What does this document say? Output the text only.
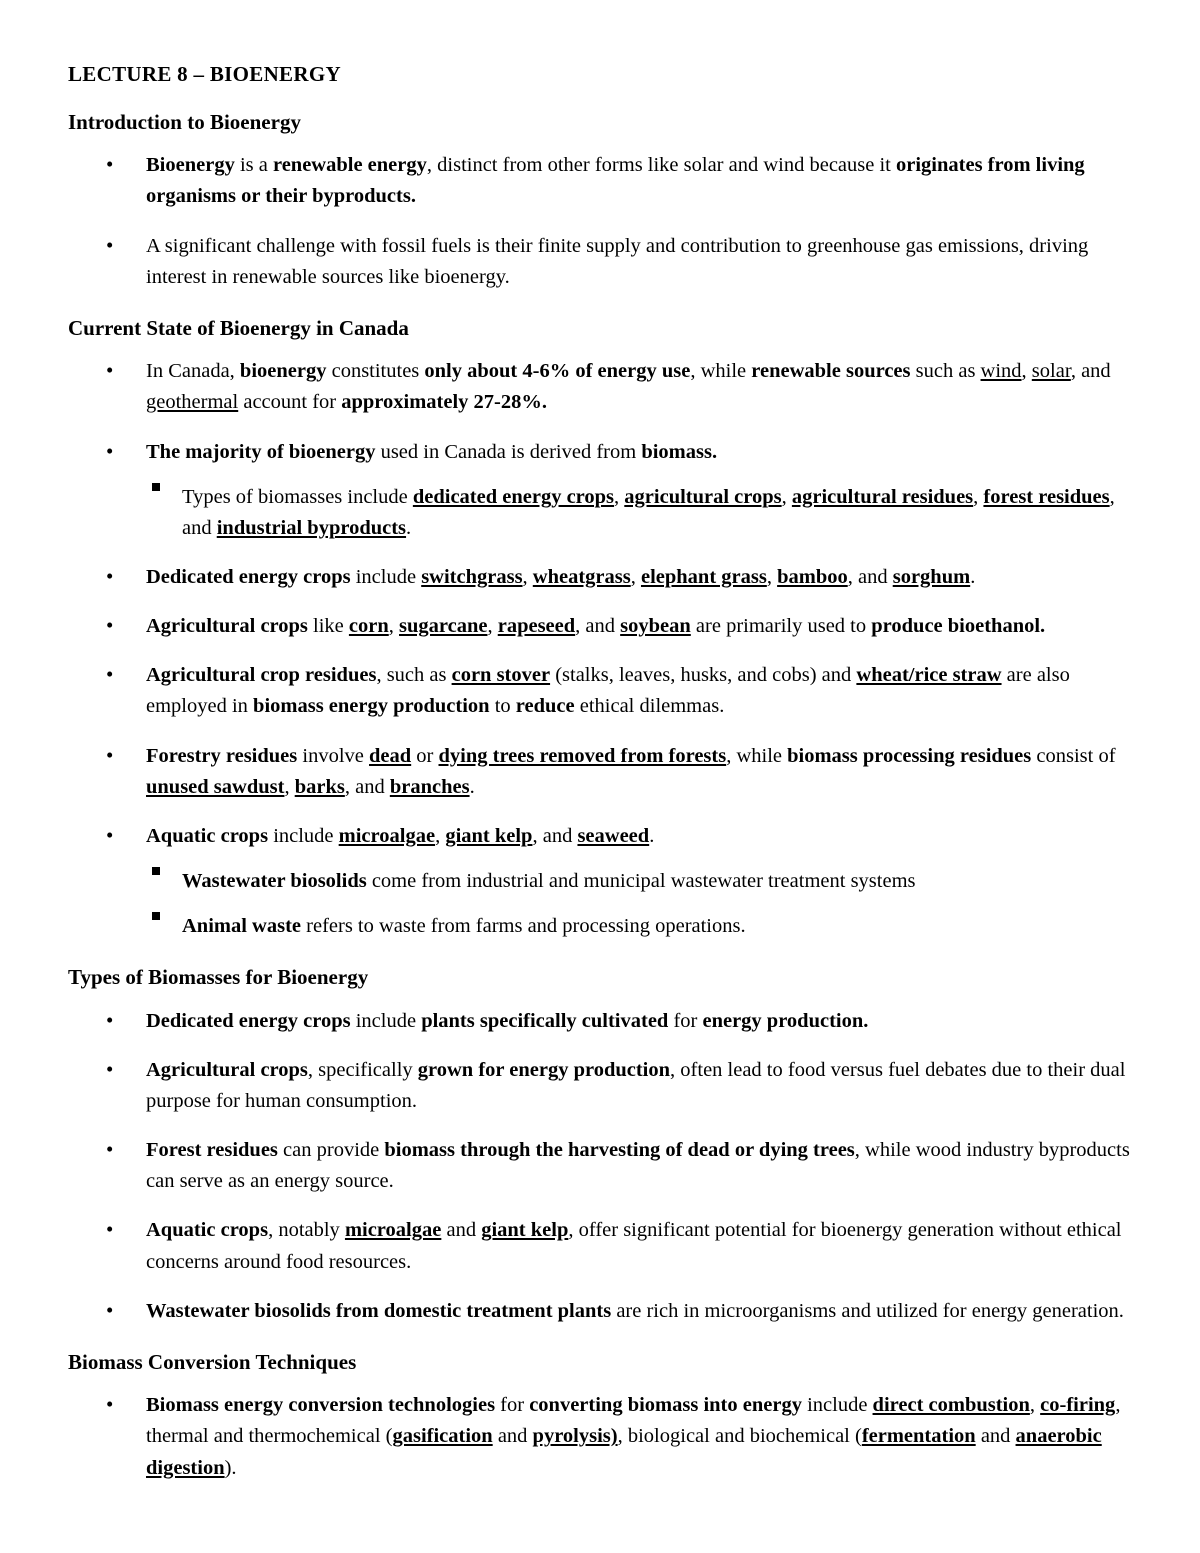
LECTURE 8 – BIOENERGY
Introduction to Bioenergy
• Bioenergy is a renewable energy, distinct from other forms like solar and wind because it originates from living organisms or their byproducts.
• A significant challenge with fossil fuels is their finite supply and contribution to greenhouse gas emissions, driving interest in renewable sources like bioenergy.
Current State of Bioenergy in Canada
• In Canada, bioenergy constitutes only about 4-6% of energy use, while renewable sources such as wind, solar, and geothermal account for approximately 27-28%.
• The majority of bioenergy used in Canada is derived from biomass.
Types of biomasses include dedicated energy crops, agricultural crops, agricultural residues, forest residues, and industrial byproducts.
• Dedicated energy crops include switchgrass, wheatgrass, elephant grass, bamboo, and sorghum.
• Agricultural crops like corn, sugarcane, rapeseed, and soybean are primarily used to produce bioethanol.
• Agricultural crop residues, such as corn stover (stalks, leaves, husks, and cobs) and wheat/rice straw are also employed in biomass energy production to reduce ethical dilemmas.
• Forestry residues involve dead or dying trees removed from forests, while biomass processing residues consist of unused sawdust, barks, and branches.
• Aquatic crops include microalgae, giant kelp, and seaweed.
Wastewater biosolids come from industrial and municipal wastewater treatment systems
Animal waste refers to waste from farms and processing operations.
Types of Biomasses for Bioenergy
• Dedicated energy crops include plants specifically cultivated for energy production.
• Agricultural crops, specifically grown for energy production, often lead to food versus fuel debates due to their dual purpose for human consumption.
• Forest residues can provide biomass through the harvesting of dead or dying trees, while wood industry byproducts can serve as an energy source.
• Aquatic crops, notably microalgae and giant kelp, offer significant potential for bioenergy generation without ethical concerns around food resources.
• Wastewater biosolids from domestic treatment plants are rich in microorganisms and utilized for energy generation.
Biomass Conversion Techniques
• Biomass energy conversion technologies for converting biomass into energy include direct combustion, co-firing, thermal and thermochemical (gasification and pyrolysis), biological and biochemical (fermentation and anaerobic digestion).
